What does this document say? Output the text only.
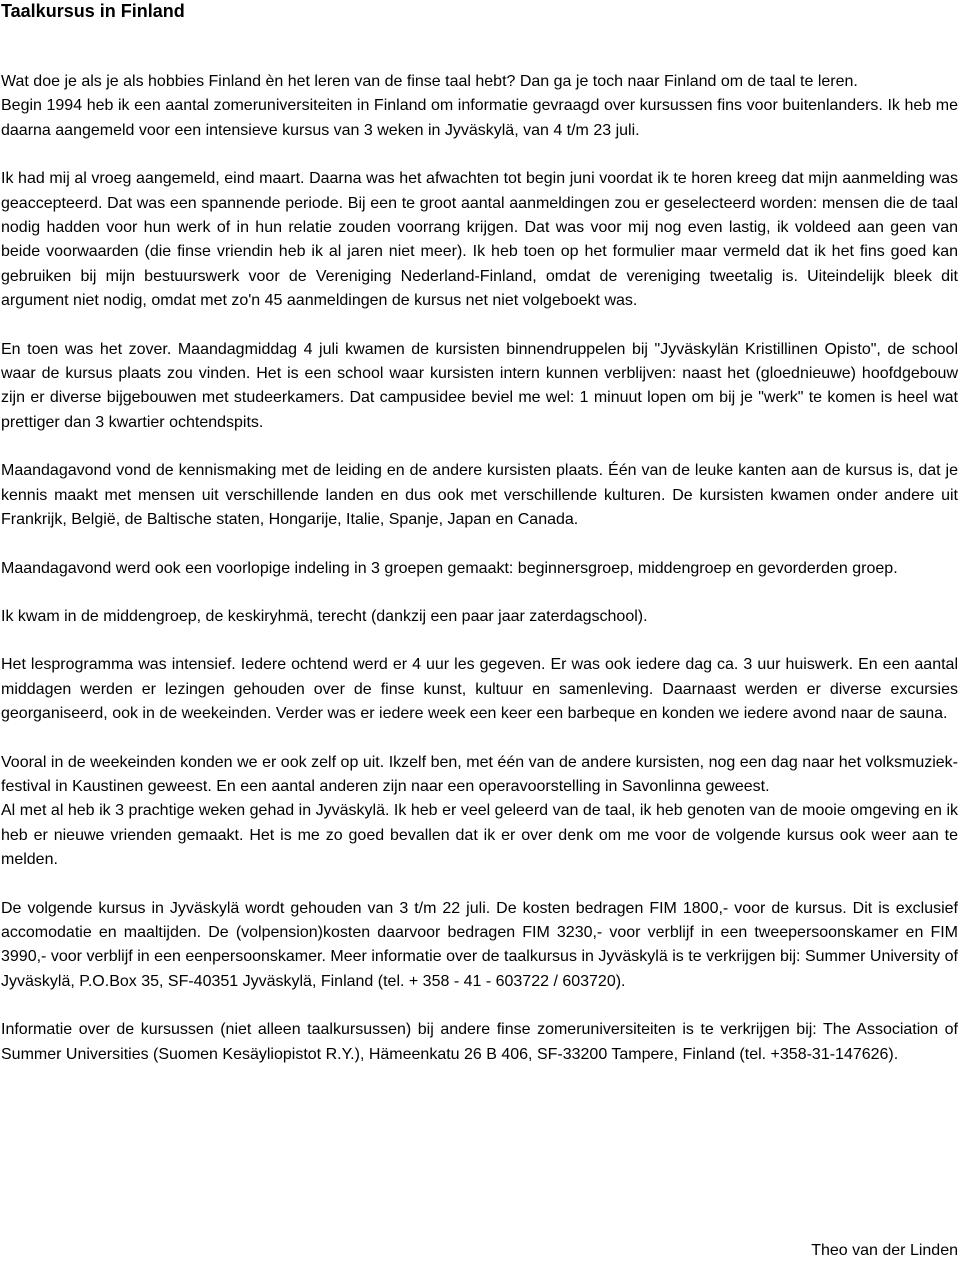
Taalkursus in Finland

Wat doe je als je als hobbies Finland èn het leren van de finse taal hebt? Dan ga je toch naar Finland om de taal te leren.

Begin 1994 heb ik een aantal zomeruniversiteiten in Finland om informatie gevraagd over kursussen fins voor buitenlanders. Ik heb me daarna aangemeld voor een intensieve kursus van 3 weken in Jyväskylä, van 4 t/m 23 juli.

Ik had mij al vroeg aangemeld, eind maart. Daarna was het afwachten tot begin juni voordat ik te horen kreeg dat mijn aanmelding was geaccepteerd. Dat was een spannende periode. Bij een te groot aantal aanmeldingen zou er geselecteerd worden: mensen die de taal nodig hadden voor hun werk of in hun relatie zouden voorrang krijgen. Dat was voor mij nog even lastig, ik voldeed aan geen van beide voorwaarden (die finse vriendin heb ik al jaren niet meer). Ik heb toen op het formulier maar vermeld dat ik het fins goed kan gebruiken bij mijn bestuurswerk voor de Vereniging Nederland-Finland, omdat de vereniging tweetalig is. Uiteindelijk bleek dit argument niet nodig, omdat met zo'n 45 aanmeldingen de kursus net niet volgeboekt was.

En toen was het zover. Maandagmiddag 4 juli kwamen de kursisten binnendruppelen bij "Jyväskylän Kristillinen Opisto", de school waar de kursus plaats zou vinden. Het is een school waar kursisten intern kunnen verblijven: naast het (gloednieuwe) hoofdgebouw zijn er diverse bijgebouwen met studeerkamers. Dat campusidee beviel me wel: 1 minuut lopen om bij je "werk" te komen is heel wat prettiger dan 3 kwartier ochtendspits.

Maandagavond vond de kennismaking met de leiding en de andere kursisten plaats. Één van de leuke kanten aan de kursus is, dat je kennis maakt met mensen uit verschillende landen en dus ook met verschillende kulturen. De kursisten kwamen onder andere uit Frankrijk, België, de Baltische staten, Hongarije, Italie, Spanje, Japan en Canada.

Maandagavond werd ook een voorlopige indeling in 3 groepen gemaakt: beginnersgroep, middengroep en gevorderden groep.

Ik kwam in de middengroep, de keskiryhmä, terecht (dankzij een paar jaar zaterdagschool).

Het lesprogramma was intensief. Iedere ochtend werd er 4 uur les gegeven. Er was ook iedere dag ca. 3 uur huiswerk. En een aantal middagen werden er lezingen gehouden over de finse kunst, kultuur en samenleving. Daarnaast werden er diverse excursies georganiseerd, ook in de weekeinden. Verder was er iedere week een keer een barbeque en konden we iedere avond naar de sauna.

Vooral in de weekeinden konden we er ook zelf op uit. Ikzelf ben, met één van de andere kursisten, nog een dag naar het volksmuziek-festival in Kaustinen geweest. En een aantal anderen zijn naar een operavoorstelling in Savonlinna geweest.

Al met al heb ik 3 prachtige weken gehad in Jyväskylä. Ik heb er veel geleerd van de taal, ik heb genoten van de mooie omgeving en ik heb er nieuwe vrienden gemaakt. Het is me zo goed bevallen dat ik er over denk om me voor de volgende kursus ook weer aan te melden.

De volgende kursus in Jyväskylä wordt gehouden van 3 t/m 22 juli. De kosten bedragen FIM 1800,- voor de kursus. Dit is exclusief accomodatie en maaltijden. De (volpension)kosten daarvoor bedragen FIM 3230,- voor verblijf in een tweepersoonskamer en FIM 3990,- voor verblijf in een eenpersoonskamer. Meer informatie over de taalkursus in Jyväskylä is te verkrijgen bij: Summer University of Jyväskylä, P.O.Box 35, SF-40351 Jyväskylä, Finland (tel. + 358 - 41 - 603722 / 603720).

Informatie over de kursussen (niet alleen taalkursussen) bij andere finse zomeruniversiteiten is te verkrijgen bij: The Association of Summer Universities (Suomen Kesäyliopistot R.Y.), Hämeenkatu 26 B 406, SF-33200 Tampere, Finland (tel. +358-31-147626).

Theo van der Linden
